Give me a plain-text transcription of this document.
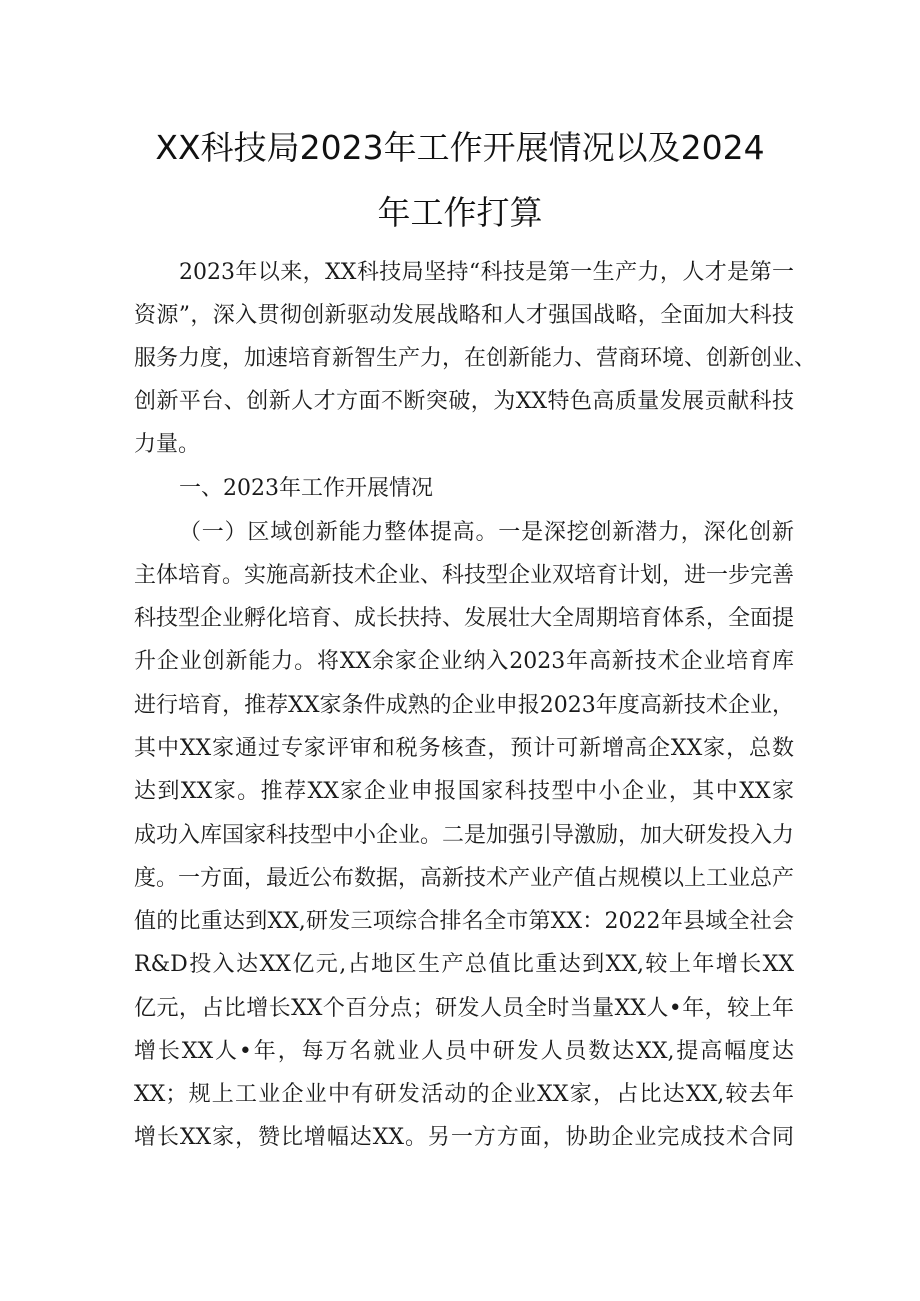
XX科技局2023年工作开展情况以及2024
年工作打算
2023年以来，XX科技局坚持“科技是第一生产力，人才是第一
资源”，深入贯彻创新驱动发展战略和人才强国战略，全面加大科技
服务力度，加速培育新智生产力，在创新能力、营商环境、创新创业、
创新平台、创新人才方面不断突破，为XX特色高质量发展贡献科技
力量。
一、2023年工作开展情况
（一）区域创新能力整体提高。一是深挖创新潜力，深化创新
主体培育。实施高新技术企业、科技型企业双培育计划，进一步完善
科技型企业孵化培育、成长扶持、发展壮大全周期培育体系，全面提
升企业创新能力。将XX余家企业纳入2023年高新技术企业培育库
进行培育，推荐XX家条件成熟的企业申报2023年度高新技术企业，
其中XX家通过专家评审和税务核查，预计可新增高企XX家，总数
达到XX家。推荐XX家企业申报国家科技型中小企业，其中XX家
成功入库国家科技型中小企业。二是加强引导激励，加大研发投入力
度。一方面，最近公布数据，高新技术产业产值占规模以上工业总产
值的比重达到XX,研发三项综合排名全市第XX：2022年县域全社会
R&D投入达XX亿元,占地区生产总值比重达到XX,较上年增长XX
亿元，占比增长XX个百分点；研发人员全时当量XX人•年，较上年
增长XX人•年，每万名就业人员中研发人员数达XX,提高幅度达
XX；规上工业企业中有研发活动的企业XX家，占比达XX,较去年
增长XX家，赞比增幅达XX。另一方方面，协助企业完成技术合同
